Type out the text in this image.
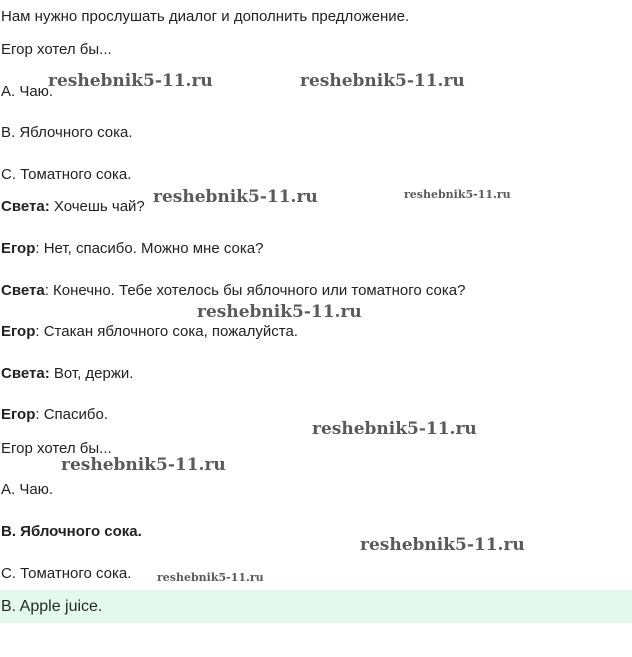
Нам нужно прослушать диалог и дополнить предложение.
Егор хотел бы...
A. Чаю.
B. Яблочного сока.
C. Томатного сока.
Света: Хочешь чай?
Егор: Нет, спасибо. Можно мне сока?
Света: Конечно. Тебе хотелось бы яблочного или томатного сока?
Егор: Стакан яблочного сока, пожалуйста.
Света: Вот, держи.
Егор: Спасибо.
Егор хотел бы...
A. Чаю.
B. Яблочного сока.
C. Томатного сока.
B. Apple juice.
reshebnik5-11.ru	reshebnik5-11.ru
reshebnik5-11.ru	reshebnik5-11.ru
reshebnik5-11.ru
reshebnik5-11.ru
reshebnik5-11.ru
reshebnik5-11.ru
reshebnik5-11.ru
